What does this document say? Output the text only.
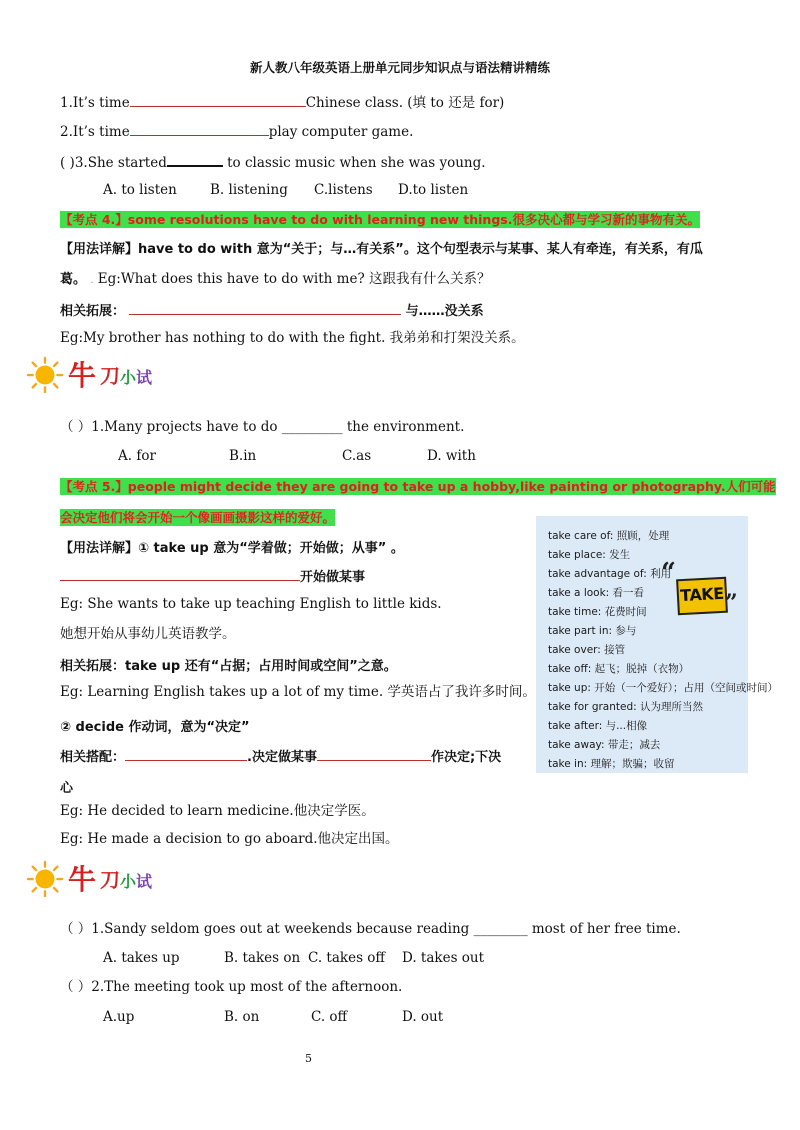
新人教八年级英语上册单元同步知识点与语法精讲精练
1.It’s time	Chinese class. (填 to 还是 for)
2.It’s time	play computer game.
( )3.She started	to classic music when she was young.
A. to listen B. listening C.listens D.to listen
【考点 4.】some resolutions have to do with learning new things.很多决心都与学习新的事物有关。
【用法详解】have to do with 意为“关于；与…有关系”。这个句型表示与某事、某人有牵连，有关系，有瓜
葛。 . Eg:What does this have to do with me? 这跟我有什么关系？
相关拓展：	与……没关系
Eg:My brother has nothing to do with the fight. 我弟弟和打架没关系。
牛 刀 小 试
（ ）1.Many projects have to do _________ the environment.
A. for	B.in	C.as	D. with
【考点 5.】people might decide they are going to take up a hobby,like painting or photography.人们可能
会决定他们将会开始一个像画画摄影这样的爱好。
【用法详解】① take up 意为“学着做；开始做；从事” 。
开始做某事
Eg: She wants to take up teaching English to little kids.
她想开始从事幼儿英语教学。
相关拓展：take up 还有“占据；占用时间或空间”之意。
Eg: Learning English takes up a lot of my time. 学英语占了我许多时间。
② decide 作动词，意为“决定”
相关搭配：	.决定做某事	作决定;下决
心
Eg: He decided to learn medicine.他决定学医。
Eg: He made a decision to go aboard.他决定出国。
take care of: 照顾，处理
take place: 发生
take advantage of: 利用
take a look: 看一看
take time: 花费时间
take part in: 参与
take over: 接管
take off: 起飞；脱掉（衣物）
take up: 开始（一个爱好）；占用（空间或时间）
take for granted: 认为理所当然
take after: 与...相像
take away: 带走；减去
take in: 理解；欺骗；收留
“
TAKE ”
牛 刀 小 试
（ ）1.Sandy seldom goes out at weekends because reading ________ most of her free time.
A. takes up	B. takes on C. takes off D. takes out
（ ）2.The meeting took up most of the afternoon.
A.up	B. on	C. off	D. out
5
